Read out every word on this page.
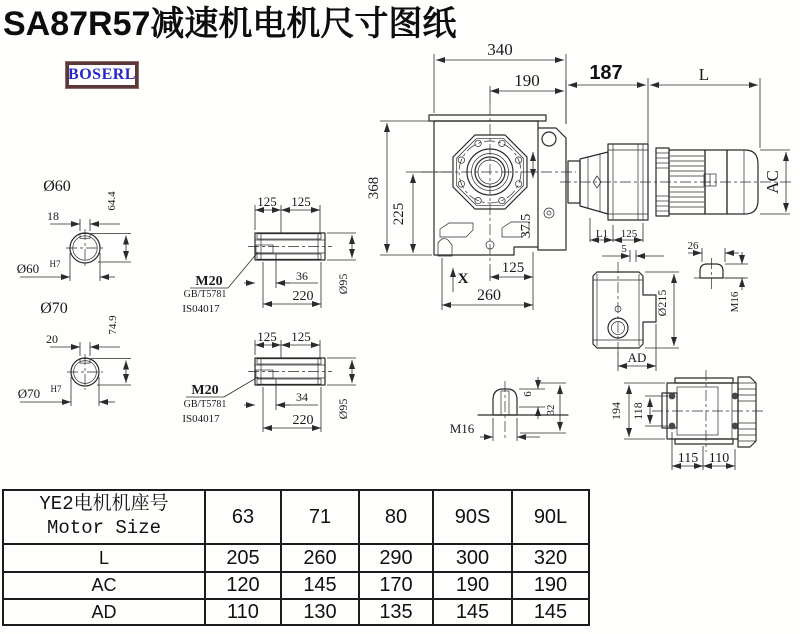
SA87R57减速机电机尺寸图纸
BOSERL
340
190 187	L
AC
368
225	37.5
125
260
X
Ø60
18
64.4
Ø60 H7
Ø70
20
74.9
Ø70 H7
125 125
M20
GB/T5781
IS04017
36
220
Ø95
125 125
M20
GB/T5781
IS04017
34
220
Ø95
L1 125
5
Ø215
AD
26
M16
6
32
M16
194 118
115 110
YE2电机机座号
Motor Size	63	71	80	90S	90L
L	205	260	290	300	320
AC	120	145	170	190	190
AD	110	130	135	145	145
